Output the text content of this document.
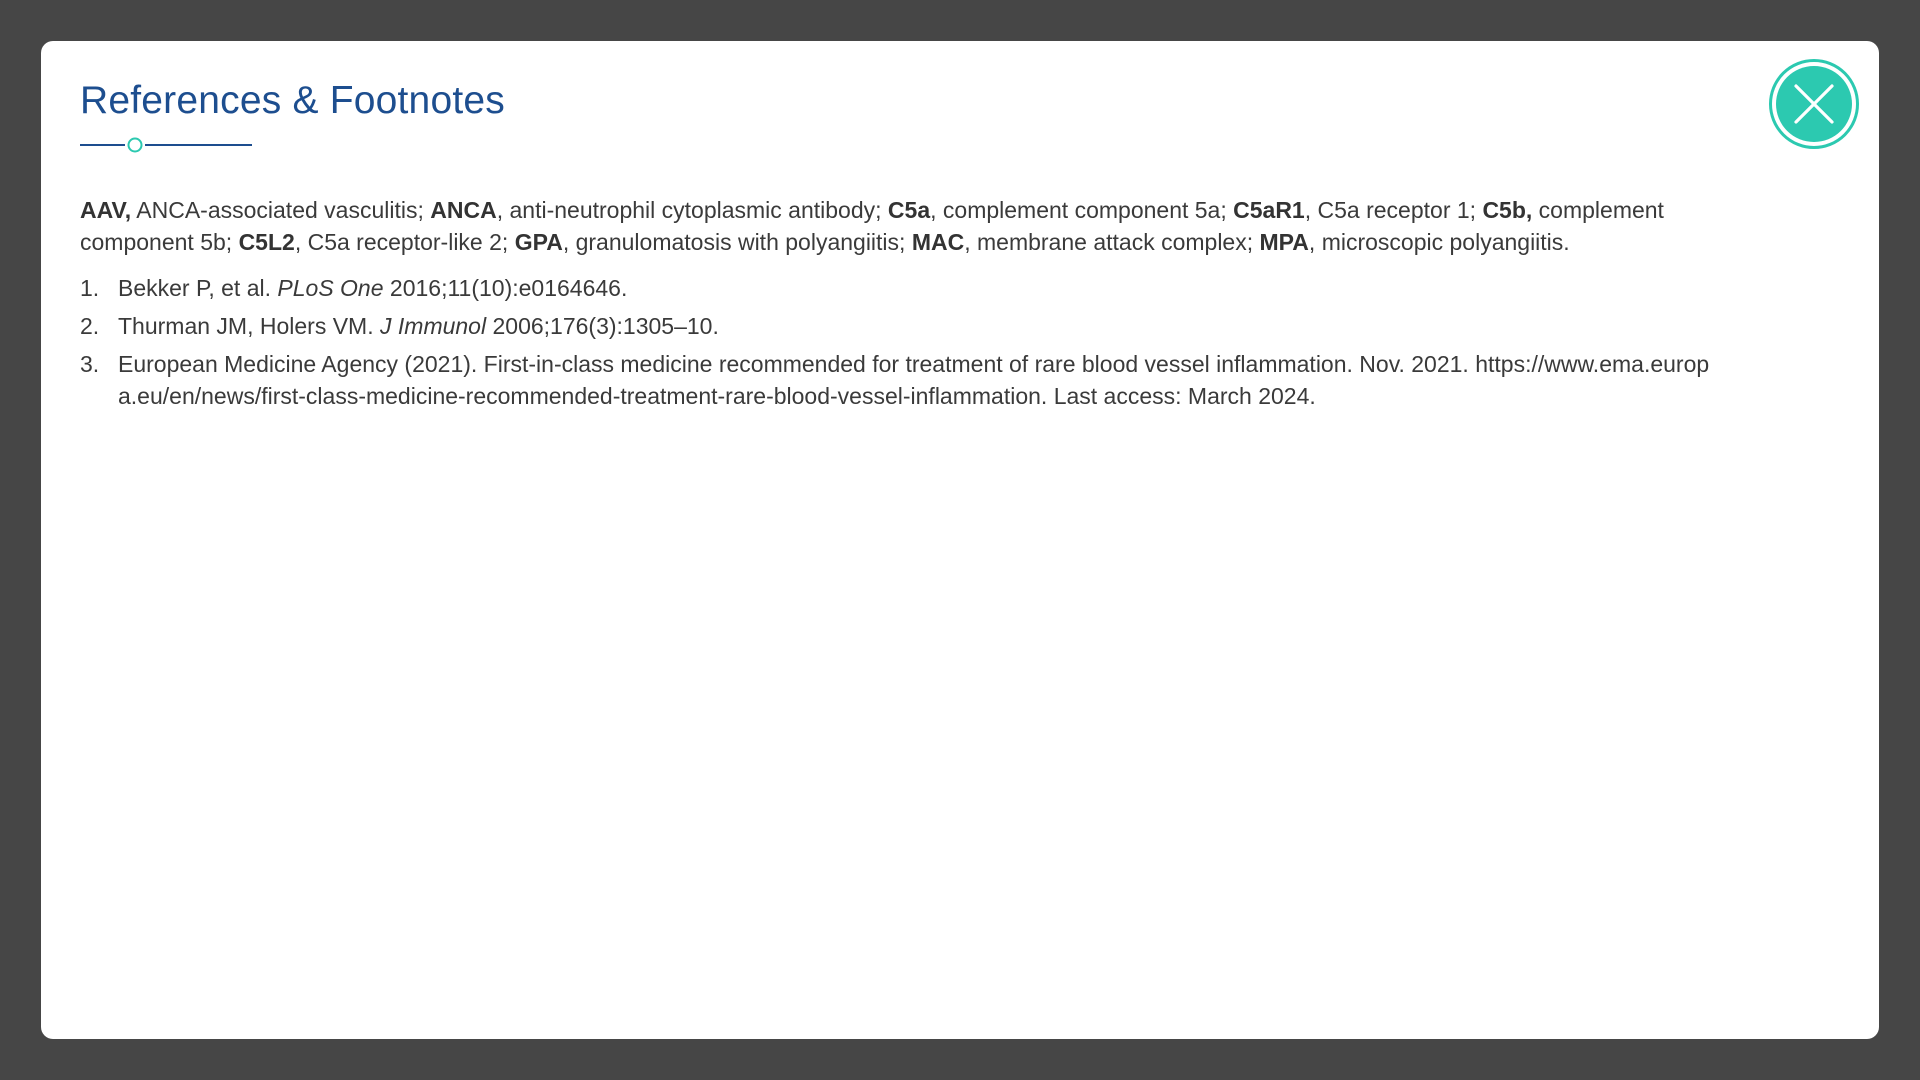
References & Footnotes

AAV, ANCA-associated vasculitis; ANCA, anti-neutrophil cytoplasmic antibody; C5a, complement component 5a; C5aR1, C5a receptor 1; C5b, complement component 5b; C5L2, C5a receptor-like 2; GPA, granulomatosis with polyangiitis; MAC, membrane attack complex; MPA, microscopic polyangiitis.

1. Bekker P, et al. PLoS One 2016;11(10):e0164646.
2. Thurman JM, Holers VM. J Immunol 2006;176(3):1305–10.
3. European Medicine Agency (2021). First-in-class medicine recommended for treatment of rare blood vessel inflammation. Nov. 2021. https://www.ema.europa.eu/en/news/first-class-medicine-recommended-treatment-rare-blood-vessel-inflammation. Last access: March 2024.
